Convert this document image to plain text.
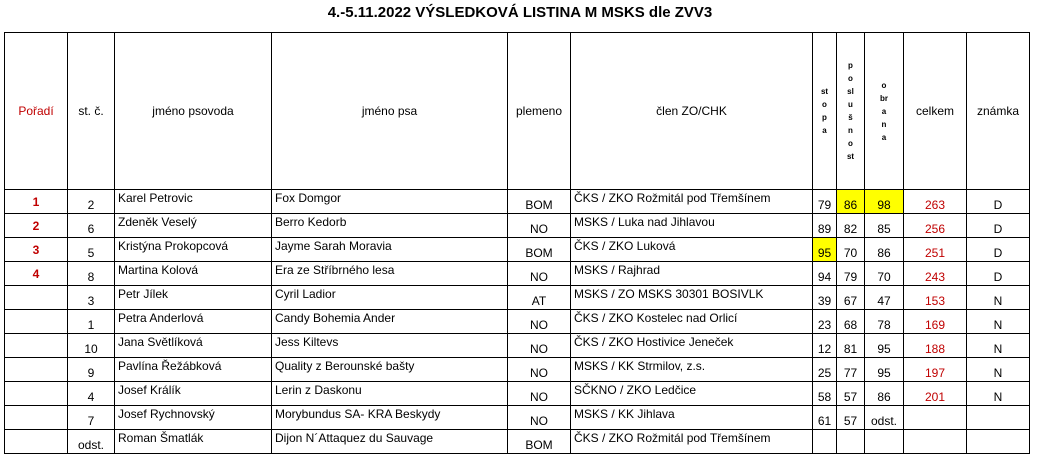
4.-5.11.2022 VÝSLEDKOVÁ LISTINA M MSKS dle ZVV3
Pořadí	st. č.	jméno psovoda	jméno psa	plemeno	člen ZO/CHK	stopa	poslušnost	obrana	celkem	známka
1	2	Karel Petrovic	Fox Domgor	BOM	ČKS / ZKO Rožmitál pod Třemšínem	79	86	98	263	D
2	6	Zdeněk Veselý	Berro Kedorb	NO	MSKS / Luka nad Jihlavou	89	82	85	256	D
3	5	Kristýna Prokopcová	Jayme Sarah Moravia	BOM	ČKS / ZKO Luková	95	70	86	251	D
4	8	Martina Kolová	Era ze Stříbrného lesa	NO	MSKS / Rajhrad	94	79	70	243	D
	3	Petr Jílek	Cyril Ladior	AT	MSKS / ZO MSKS 30301 BOSIVLK	39	67	47	153	N
	1	Petra Anderlová	Candy Bohemia Ander	NO	ČKS / ZKO Kostelec nad Orlicí	23	68	78	169	N
	10	Jana Světlíková	Jess Kiltevs	NO	ČKS / ZKO Hostivice Jeneček	12	81	95	188	N
	9	Pavlína Řežábková	Quality z Berounské bašty	NO	MSKS / KK Strmilov, z.s.	25	77	95	197	N
	4	Josef Králík	Lerin z Daskonu	NO	SČKNO / ZKO Ledčice	58	57	86	201	N
	7	Josef Rychnovský	Morybundus SA- KRA Beskydy	NO	MSKS / KK Jihlava	61	57	odst.		
	odst.	Roman Šmatlák	Dijon N´Attaquez du Sauvage	BOM	ČKS / ZKO Rožmitál pod Třemšínem					
